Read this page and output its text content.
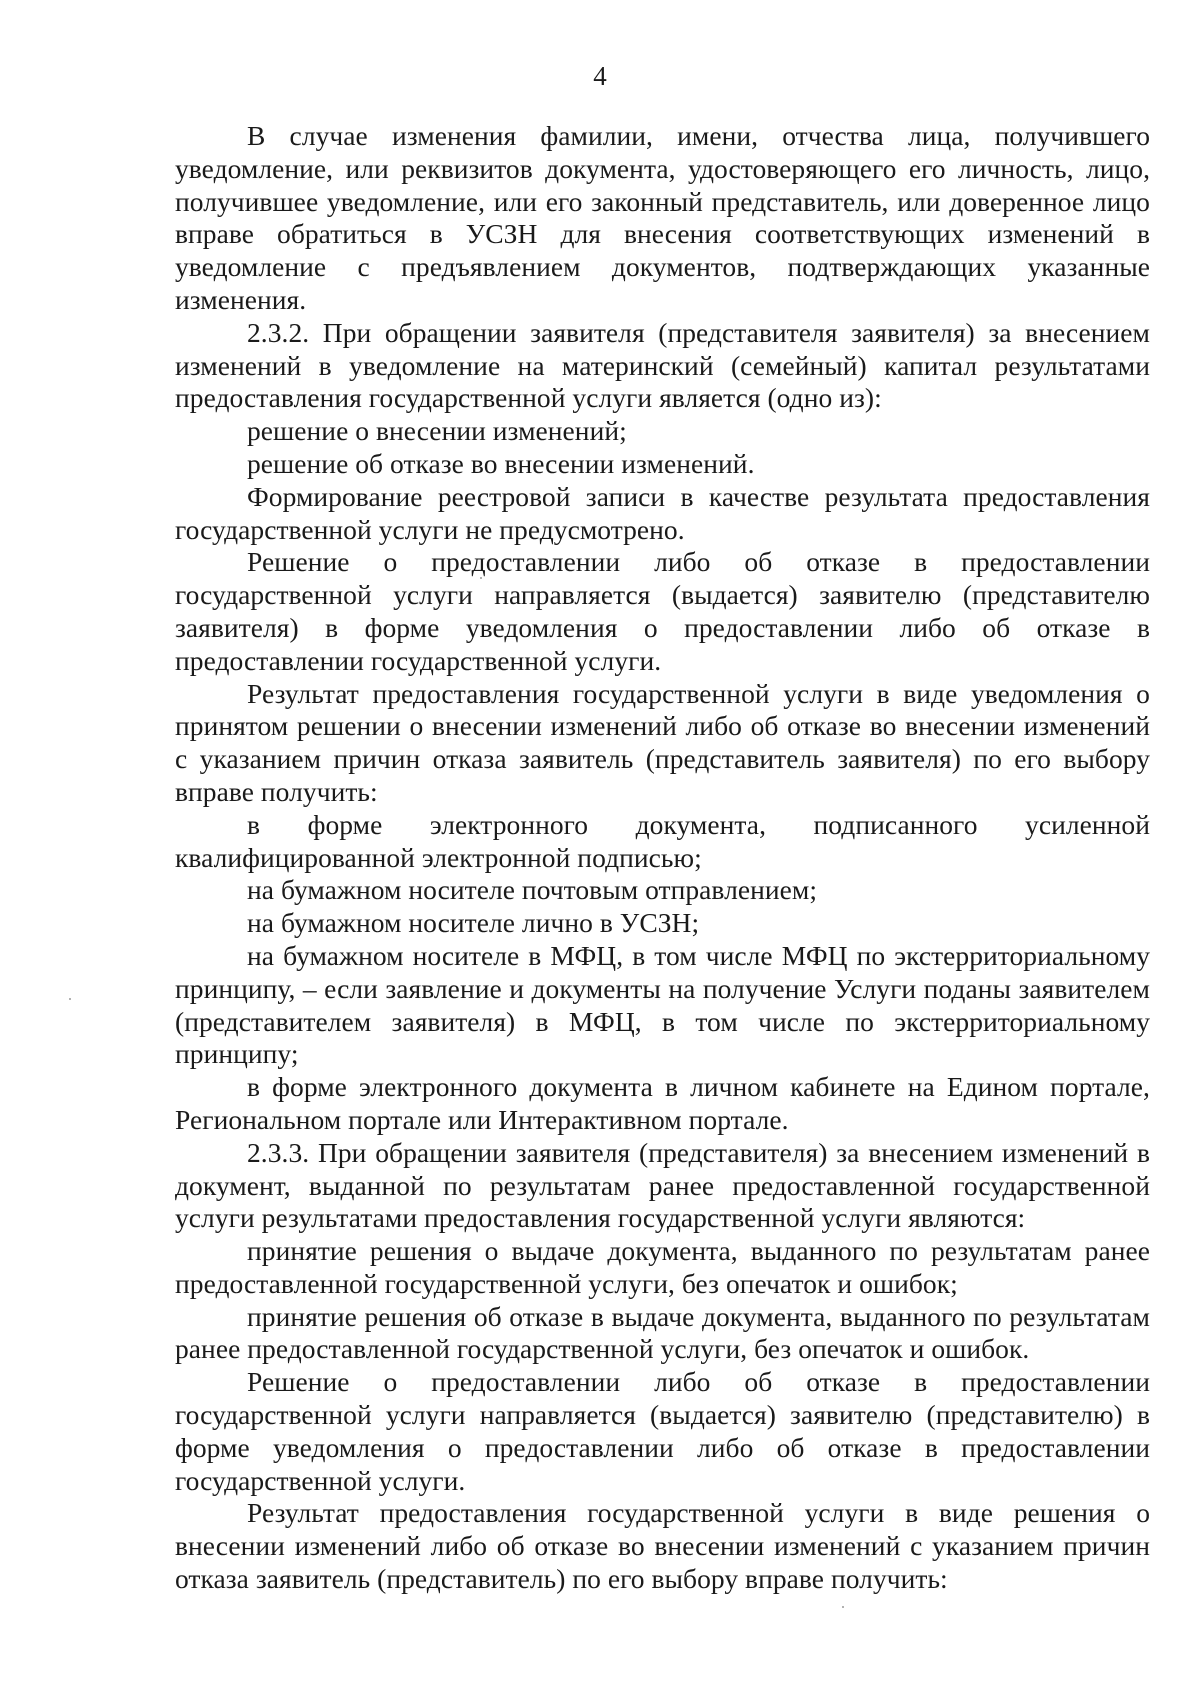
4

В случае изменения фамилии, имени, отчества лица, получившего уведомление, или реквизитов документа, удостоверяющего его личность, лицо, получившее уведомление, или его законный представитель, или доверенное лицо вправе обратиться в УСЗН для внесения соответствующих изменений в уведомление с предъявлением документов, подтверждающих указанные изменения.

2.3.2. При обращении заявителя (представителя заявителя) за внесением изменений в уведомление на материнский (семейный) капитал результатами предоставления государственной услуги является (одно из):

решение о внесении изменений;

решение об отказе во внесении изменений.

Формирование реестровой записи в качестве результата предоставления государственной услуги не предусмотрено.

Решение о предоставлении либо об отказе в предоставлении государственной услуги направляется (выдается) заявителю (представителю заявителя) в форме уведомления о предоставлении либо об отказе в предоставлении государственной услуги.

Результат предоставления государственной услуги в виде уведомления о принятом решении о внесении изменений либо об отказе во внесении изменений с указанием причин отказа заявитель (представитель заявителя) по его выбору вправе получить:

в форме электронного документа, подписанного усиленной квалифицированной электронной подписью;

на бумажном носителе почтовым отправлением;

на бумажном носителе лично в УСЗН;

на бумажном носителе в МФЦ, в том числе МФЦ по экстерриториальному принципу, – если заявление и документы на получение Услуги поданы заявителем (представителем заявителя) в МФЦ, в том числе по экстерриториальному принципу;

в форме электронного документа в личном кабинете на Едином портале, Региональном портале или Интерактивном портале.

2.3.3. При обращении заявителя (представителя) за внесением изменений в документ, выданной по результатам ранее предоставленной государственной услуги результатами предоставления государственной услуги являются:

принятие решения о выдаче документа, выданного по результатам ранее предоставленной государственной услуги, без опечаток и ошибок;

принятие решения об отказе в выдаче документа, выданного по результатам ранее предоставленной государственной услуги, без опечаток и ошибок.

Решение о предоставлении либо об отказе в предоставлении государственной услуги направляется (выдается) заявителю (представителю) в форме уведомления о предоставлении либо об отказе в предоставлении государственной услуги.

Результат предоставления государственной услуги в виде решения о внесении изменений либо об отказе во внесении изменений с указанием причин отказа заявитель (представитель) по его выбору вправе получить:
